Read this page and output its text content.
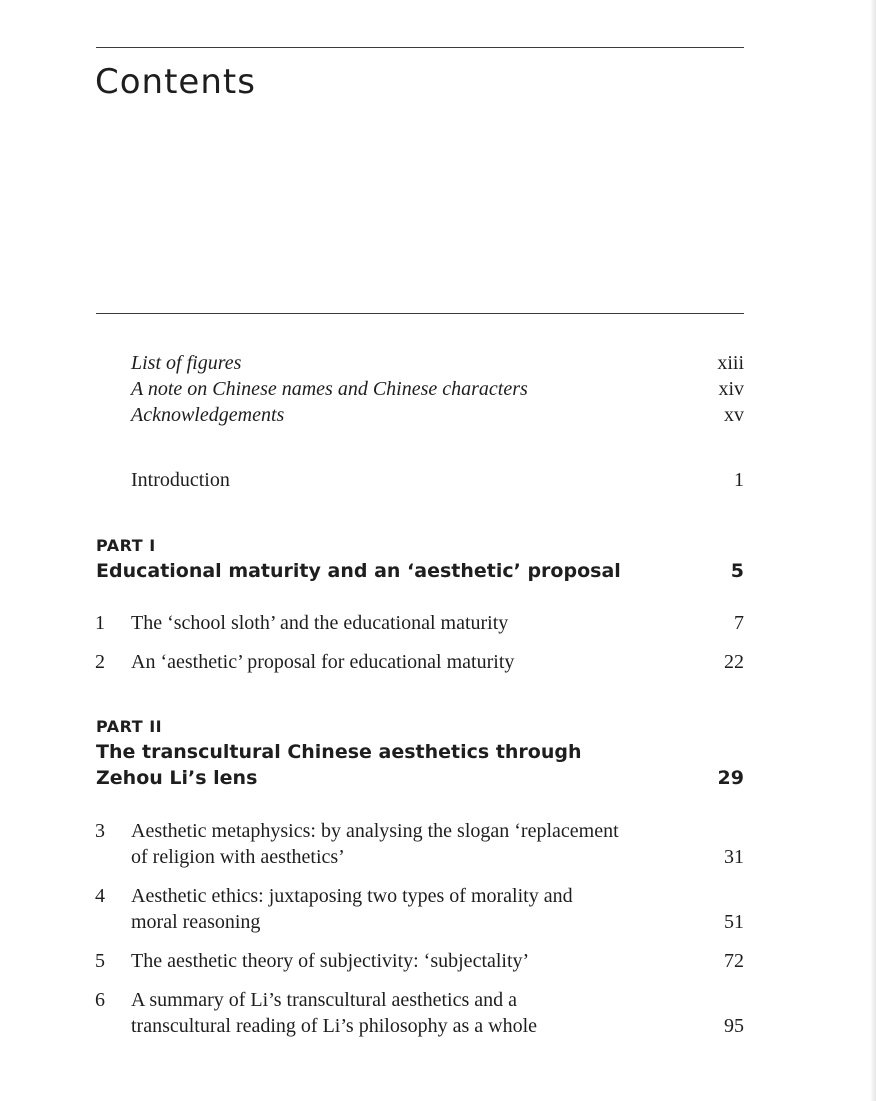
Contents
List of figures	xiii
A note on Chinese names and Chinese characters	xiv
Acknowledgements	xv
Introduction	1
PART I
Educational maturity and an ‘aesthetic’ proposal	5
1 The ‘school sloth’ and the educational maturity	7
2 An ‘aesthetic’ proposal for educational maturity	22
PART II
The transcultural Chinese aesthetics through
Zehou Li’s lens	29
3 Aesthetic metaphysics: by analysing the slogan ‘replacement
of religion with aesthetics’	31
4 Aesthetic ethics: juxtaposing two types of morality and
moral reasoning	51
5 The aesthetic theory of subjectivity: ‘subjectality’	72
6 A summary of Li’s transcultural aesthetics and a
transcultural reading of Li’s philosophy as a whole	95
